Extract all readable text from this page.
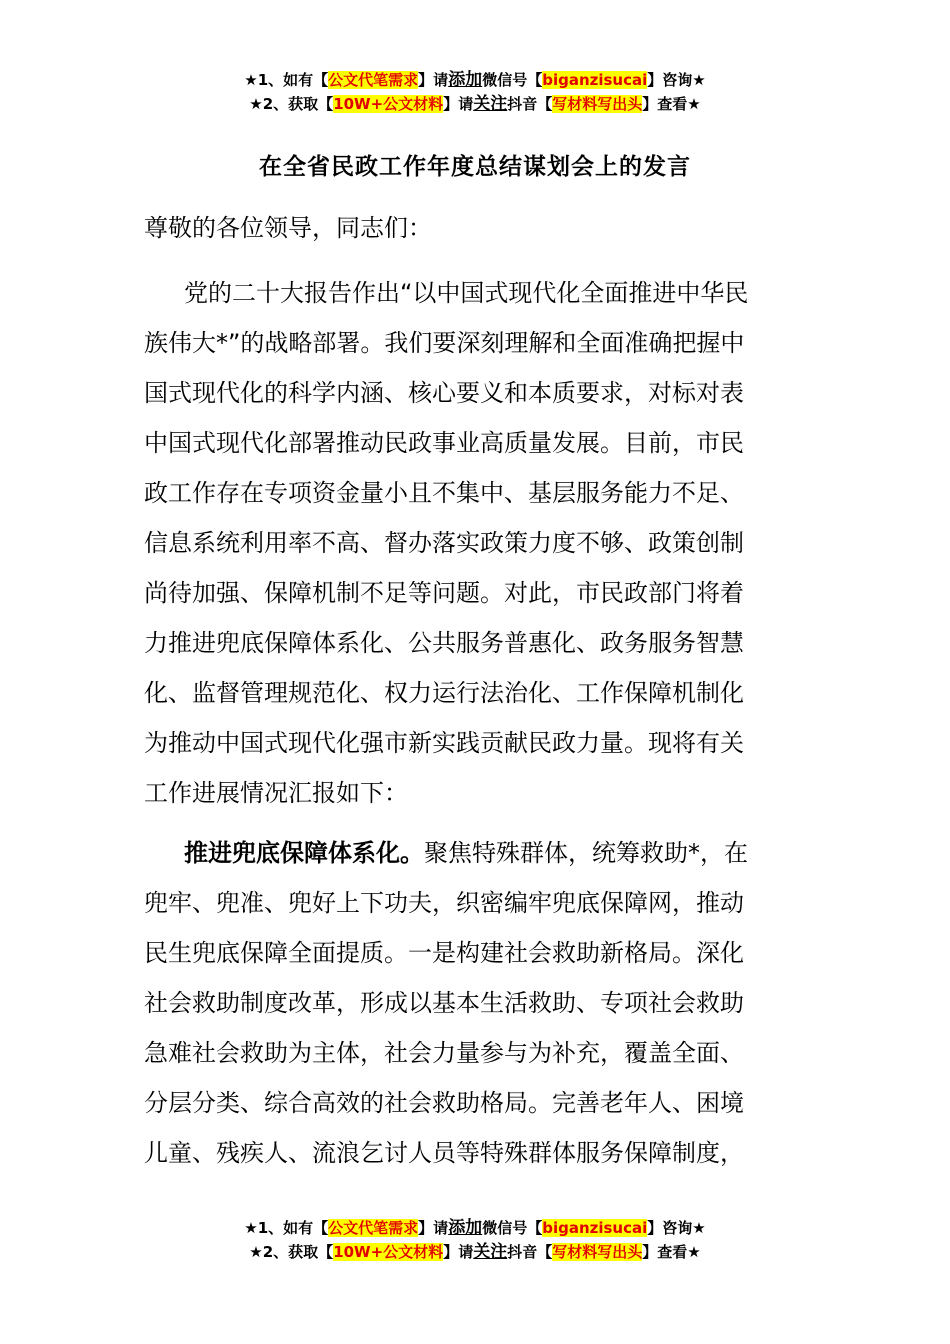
★1、如有【公文代笔需求】请添加微信号【biganzisucai】咨询★
★2、获取【10W+公文材料】请关注抖音【写材料写出头】查看★
在全省民政工作年度总结谋划会上的发言
尊敬的各位领导，同志们：
党的二十大报告作出“以中国式现代化全面推进中华民
族伟大*”的战略部署。我们要深刻理解和全面准确把握中
国式现代化的科学内涵、核心要义和本质要求，对标对表
中国式现代化部署推动民政事业高质量发展。目前，市民
政工作存在专项资金量小且不集中、基层服务能力不足、
信息系统利用率不高、督办落实政策力度不够、政策创制
尚待加强、保障机制不足等问题。对此，市民政部门将着
力推进兜底保障体系化、公共服务普惠化、政务服务智慧
化、监督管理规范化、权力运行法治化、工作保障机制化
为推动中国式现代化强市新实践贡献民政力量。现将有关
工作进展情况汇报如下：
推进兜底保障体系化。聚焦特殊群体，统筹救助*，在
兜牢、兜准、兜好上下功夫，织密编牢兜底保障网，推动
民生兜底保障全面提质。一是构建社会救助新格局。深化
社会救助制度改革，形成以基本生活救助、专项社会救助
急难社会救助为主体，社会力量参与为补充，覆盖全面、
分层分类、综合高效的社会救助格局。完善老年人、困境
儿童、残疾人、流浪乞讨人员等特殊群体服务保障制度，
★1、如有【公文代笔需求】请添加微信号【biganzisucai】咨询★
★2、获取【10W+公文材料】请关注抖音【写材料写出头】查看★
